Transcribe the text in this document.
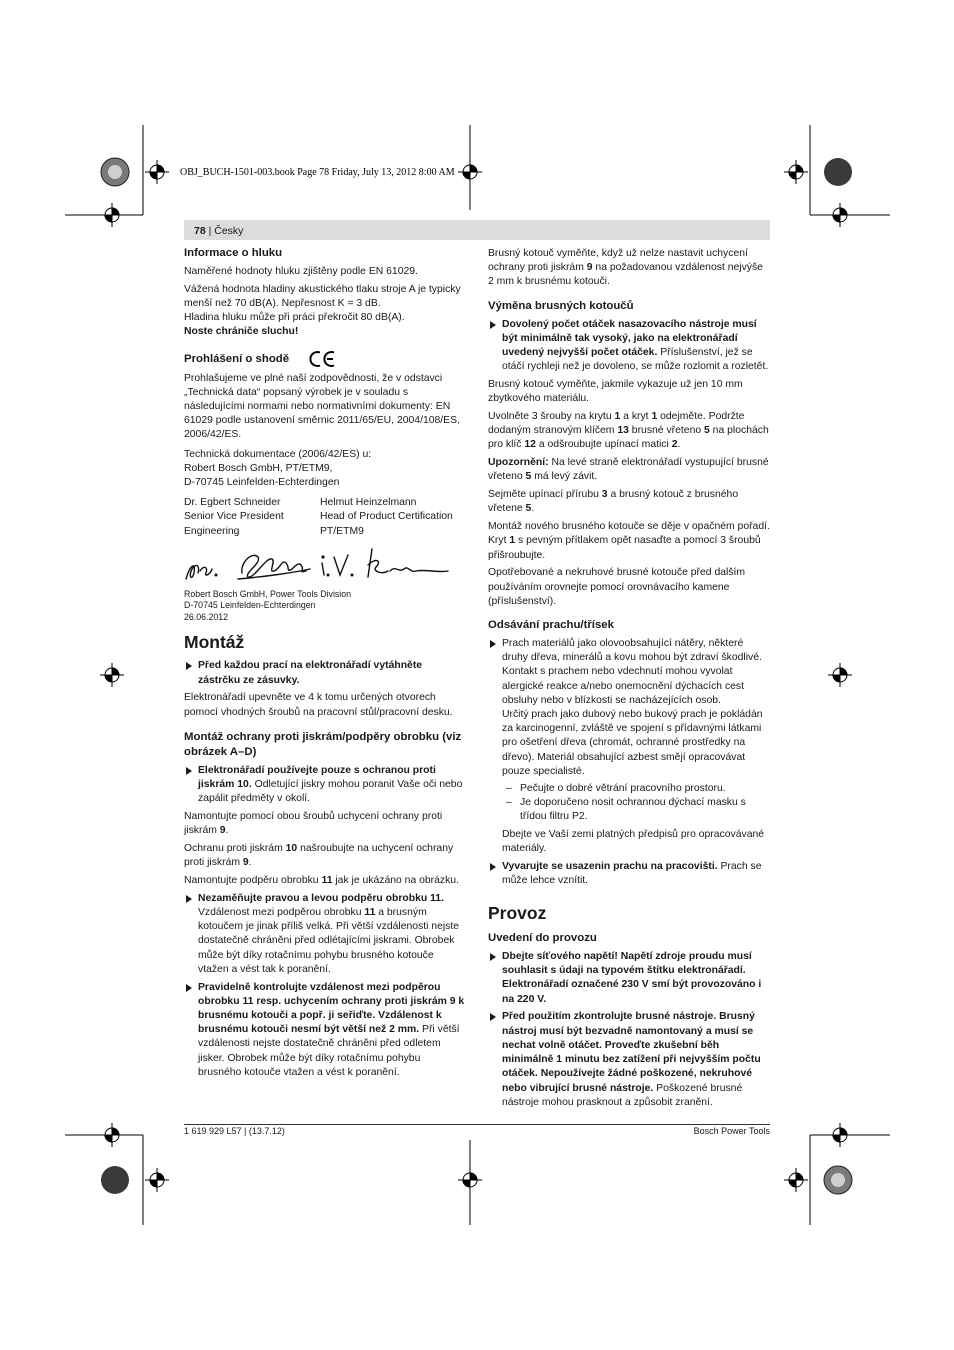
OBJ_BUCH-1501-003.book Page 78 Friday, July 13, 2012 8:00 AM
78 | Česky
Informace o hluku

Naměřené hodnoty hluku zjištěny podle EN 61029.

Vážená hodnota hladiny akustického tlaku stroje A je typicky menší než 70 dB(A). Nepřesnost K = 3 dB.

Hladina hluku může při práci překročit 80 dB(A).

Noste chrániče sluchu!

Prohlášení o shodě

Prohlašujeme ve plné naší zodpovědnosti, že v odstavci „Technická data“ popsaný výrobek je v souladu s následujícími normami nebo normativními dokumenty: EN 61029 podle ustanovení směrnic 2011/65/EU, 2004/108/ES, 2006/42/ES.

Technická dokumentace (2006/42/ES) u:
Robert Bosch GmbH, PT/ETM9,
D-70745 Leinfelden-Echterdingen

Dr. Egbert Schneider
Senior Vice President
Engineering
Helmut Heinzelmann
Head of Product Certification
PT/ETM9

Robert Bosch GmbH, Power Tools Division
D-70745 Leinfelden-Echterdingen
26.06.2012

Montáž
Před každou prací na elektronářadí vytáhněte zástrčku ze zásuvky.

Elektronářadí upevněte ve 4 k tomu určených otvorech pomocí vhodných šroubů na pracovní stůl/pracovní desku.

Montáž ochrany proti jiskrám/podpěry obrobku (viz obrázek A–D)
Elektronářadí používejte pouze s ochranou proti jiskrám 10. Odletující jiskry mohou poranit Vaše oči nebo zapálit předměty v okolí.

Namontujte pomocí obou šroubů uchycení ochrany proti jiskrám 9.

Ochranu proti jiskrám 10 našroubujte na uchycení ochrany proti jiskrám 9.

Namontujte podpěru obrobku 11 jak je ukázáno na obrázku.

Nezaměňujte pravou a levou podpěru obrobku 11.
Vzdálenost mezi podpěrou obrobku 11 a brusným kotoučem je jinak příliš velká. Při větší vzdálenosti nejste dostatečně chráněni před odlétajícími jiskrami. Obrobek může být díky rotačnímu pohybu brusného kotouče vtažen a vést tak k poranění.
Pravidelně kontrolujte vzdálenost mezi podpěrou obrobku 11 resp. uchycením ochrany proti jiskrám 9 k brusnému kotouči a popř. ji seřiďte. Vzdálenost k brusnému kotouči nesmí být větší než 2 mm. Při větší vzdálenosti nejste dostatečně chráněni před odletem jisker. Obrobek může být díky rotačnímu pohybu brusného kotouče vtažen a vést k poranění.

Brusný kotouč vyměňte, když už nelze nastavit uchycení ochrany proti jiskrám 9 na požadovanou vzdálenost nejvýše 2 mm k brusnému kotouči.

Výměna brusných kotoučů
Dovolený počet otáček nasazovacího nástroje musí být minimálně tak vysoký, jako na elektronářadí uvedený nejvyšší počet otáček. Příslušenství, jež se otáčí rychleji než je dovoleno, se může rozlomit a rozletět.

Brusný kotouč vyměňte, jakmile vykazuje už jen 10 mm zbytkového materiálu.

Uvolněte 3 šrouby na krytu 1 a kryt 1 odejměte. Podržte dodaným stranovým klíčem 13 brusné vřeteno 5 na plochách pro klíč 12 a odšroubujte upínací matici 2.

Upozornění: Na levé straně elektronářadí vystupující brusné vřeteno 5 má levý závit.

Sejměte upínací přírubu 3 a brusný kotouč z brusného vřetene 5.

Montáž nového brusného kotouče se děje v opačném pořadí. Kryt 1 s pevným přítlakem opět nasaďte a pomocí 3 šroubů přišroubujte.

Opotřebované a nekruhové brusné kotouče před dalším používáním orovnejte pomocí orovnávacího kamene (příslušenství).

Odsávání prachu/třísek
Prach materiálů jako olovoobsahující nátěry, některé druhy dřeva, minerálů a kovu mohou být zdraví škodlivé. Kontakt s prachem nebo vdechnutí mohou vyvolat alergické reakce a/nebo onemocnění dýchacích cest obsluhy nebo v blízkosti se nacházejících osob.
Určitý prach jako dubový nebo bukový prach je pokládán za karcinogenní, zvláště ve spojení s přídavnými látkami pro ošetření dřeva (chromát, ochranné prostředky na dřevo). Materiál obsahující azbest smějí opracovávat pouze specialisté.
– Pečujte o dobré větrání pracovního prostoru.
– Je doporučeno nosit ochrannou dýchací masku s třídou filtru P2.

Dbejte ve Vaší zemi platných předpisů pro opracovávané materiály.

Vyvarujte se usazenin prachu na pracovišti. Prach se může lehce vznítit.
Provoz
Uvedení do provozu
Dbejte síťového napětí! Napětí zdroje proudu musí souhlasit s údaji na typovém štítku elektronářadí. Elektronářadí označené 230 V smí být provozováno i na 220 V.
Před použitím zkontrolujte brusné nástroje. Brusný nástroj musí být bezvadně namontovaný a musí se nechat volně otáčet. Proveďte zkušební běh minimálně 1 minutu bez zatížení při nejvyšším počtu otáček. Nepoužívejte žádné poškozené, nekruhové nebo vibrující brusné nástroje. Poškozené brusné nástroje mohou prasknout a způsobit zranění.
1 619 929 L57 | (13.7.12)	Bosch Power Tools
